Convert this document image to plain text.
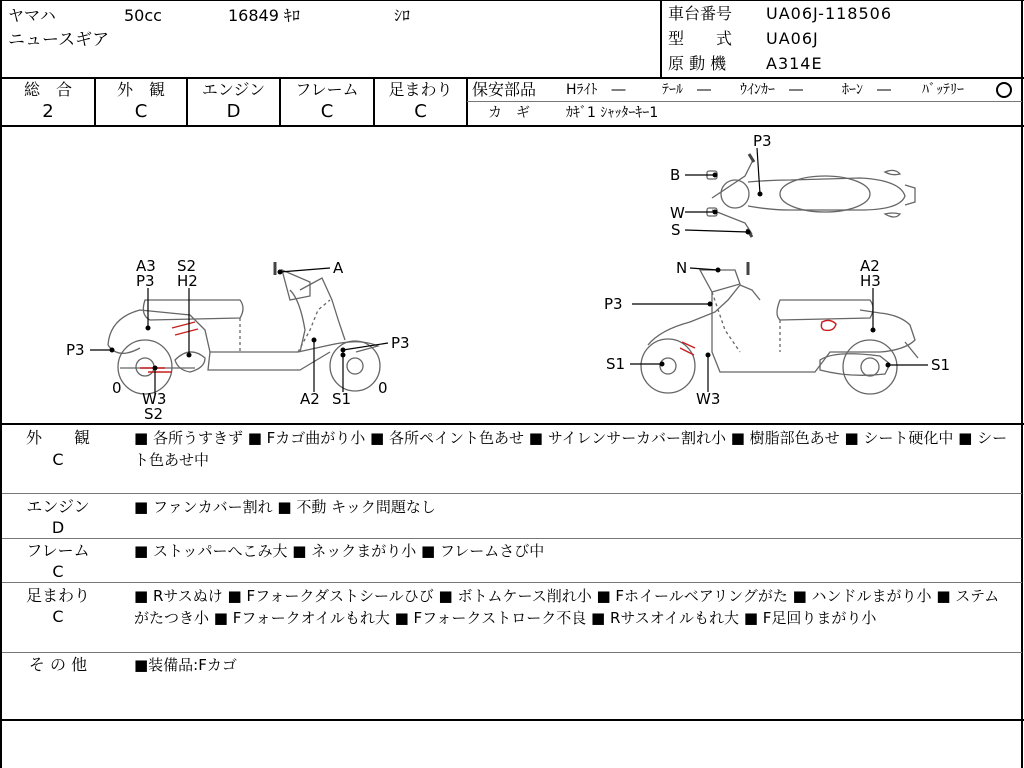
ヤマハ	50cc	16849 ｷﾛ	ｼﾛ
ニュースギア
車台番号 UA06J-118506
型　　式 UA06J
原 動 機 A314E
総　合
2
外　観
C
エンジン
D
フレーム
C
足まわり
C
保安部品 Hﾗｲﾄ　―	ﾃｰﾙ　― ｳｲﾝｶｰ　―	ﾎｰﾝ　― ﾊﾞｯﾃﾘｰ
カ　ギ	ｶｷﾞ1 ｼｬｯﾀｰｷｰ1
P3
B
W
S
A3
P3
S2
H2
A
P3	P3
0	0
W3
S2
A2 S1
N	A2
H3
P3
S1	S1
W3
外　　観
C
■ 各所うすきず ■ Fカゴ曲がり小 ■ 各所ペイント色あせ ■ サイレンサーカバー割れ小 ■ 樹脂部色あせ ■ シート硬化中 ■ シート色あせ中
エンジン
D
■ ファンカバー割れ ■ 不動 キック問題なし
フレーム
C
■ ストッパーへこみ大 ■ ネックまがり小 ■ フレームさび中
足まわり
C
■ Rサスぬけ ■ Fフォークダストシールひび ■ ボトムケース削れ小 ■ Fホイールベアリングがた ■ ハンドルまがり小 ■ ステムがたつき小 ■ Fフォークオイルもれ大 ■ Fフォークストローク不良 ■ Rサスオイルもれ大 ■ F足回りまがり小
そ の 他	■装備品:Fカゴ
